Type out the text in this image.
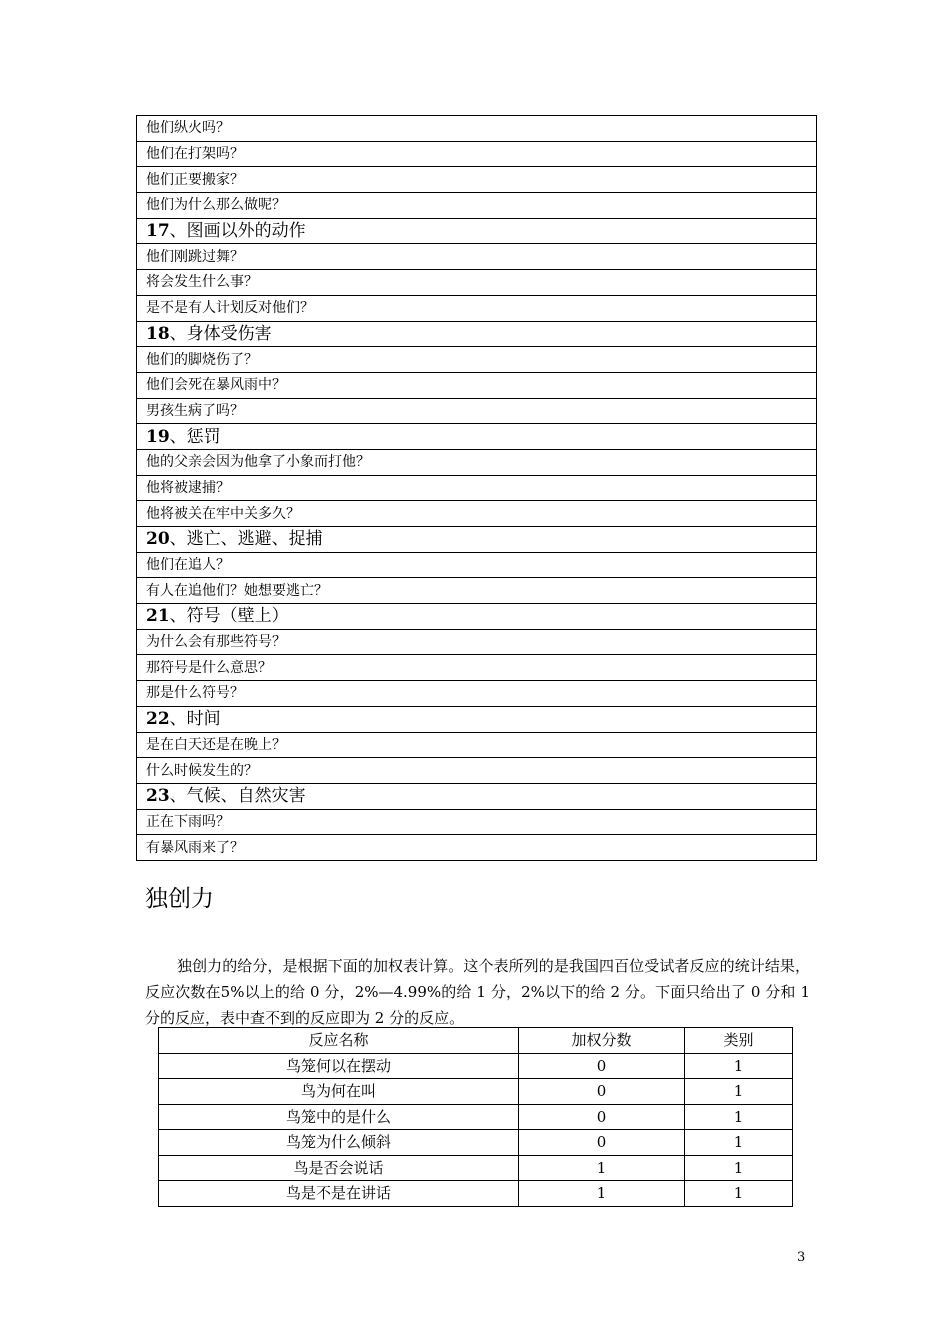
他们纵火吗？
他们在打架吗？
他们正要搬家？
他们为什么那么做呢？
17、图画以外的动作
他们刚跳过舞？
将会发生什么事？
是不是有人计划反对他们？
18、身体受伤害
他们的脚烧伤了？
他们会死在暴风雨中？
男孩生病了吗？
19、惩罚
他的父亲会因为他拿了小象而打他？
他将被逮捕？
他将被关在牢中关多久？
20、逃亡、逃避、捉捕
他们在追人？
有人在追他们？她想要逃亡？
21、符号（壁上）
为什么会有那些符号？
那符号是什么意思？
那是什么符号？
22、时间
是在白天还是在晚上？
什么时候发生的？
23、气候、自然灾害
正在下雨吗？
有暴风雨来了？
独创力

独创力的给分，是根据下面的加权表计算。这个表所列的是我国四百位受试者反应的统计结果，反应次数在5%以上的给 0 分，2%—4.99%的给 1 分，2%以下的给 2 分。下面只给出了 0 分和 1 分的反应，表中查不到的反应即为 2 分的反应。

反应名称	加权分数	类别
鸟笼何以在摆动	0	1
鸟为何在叫	0	1
鸟笼中的是什么	0	1
鸟笼为什么倾斜	0	1
鸟是否会说话	1	1
鸟是不是在讲话	1	1
3
